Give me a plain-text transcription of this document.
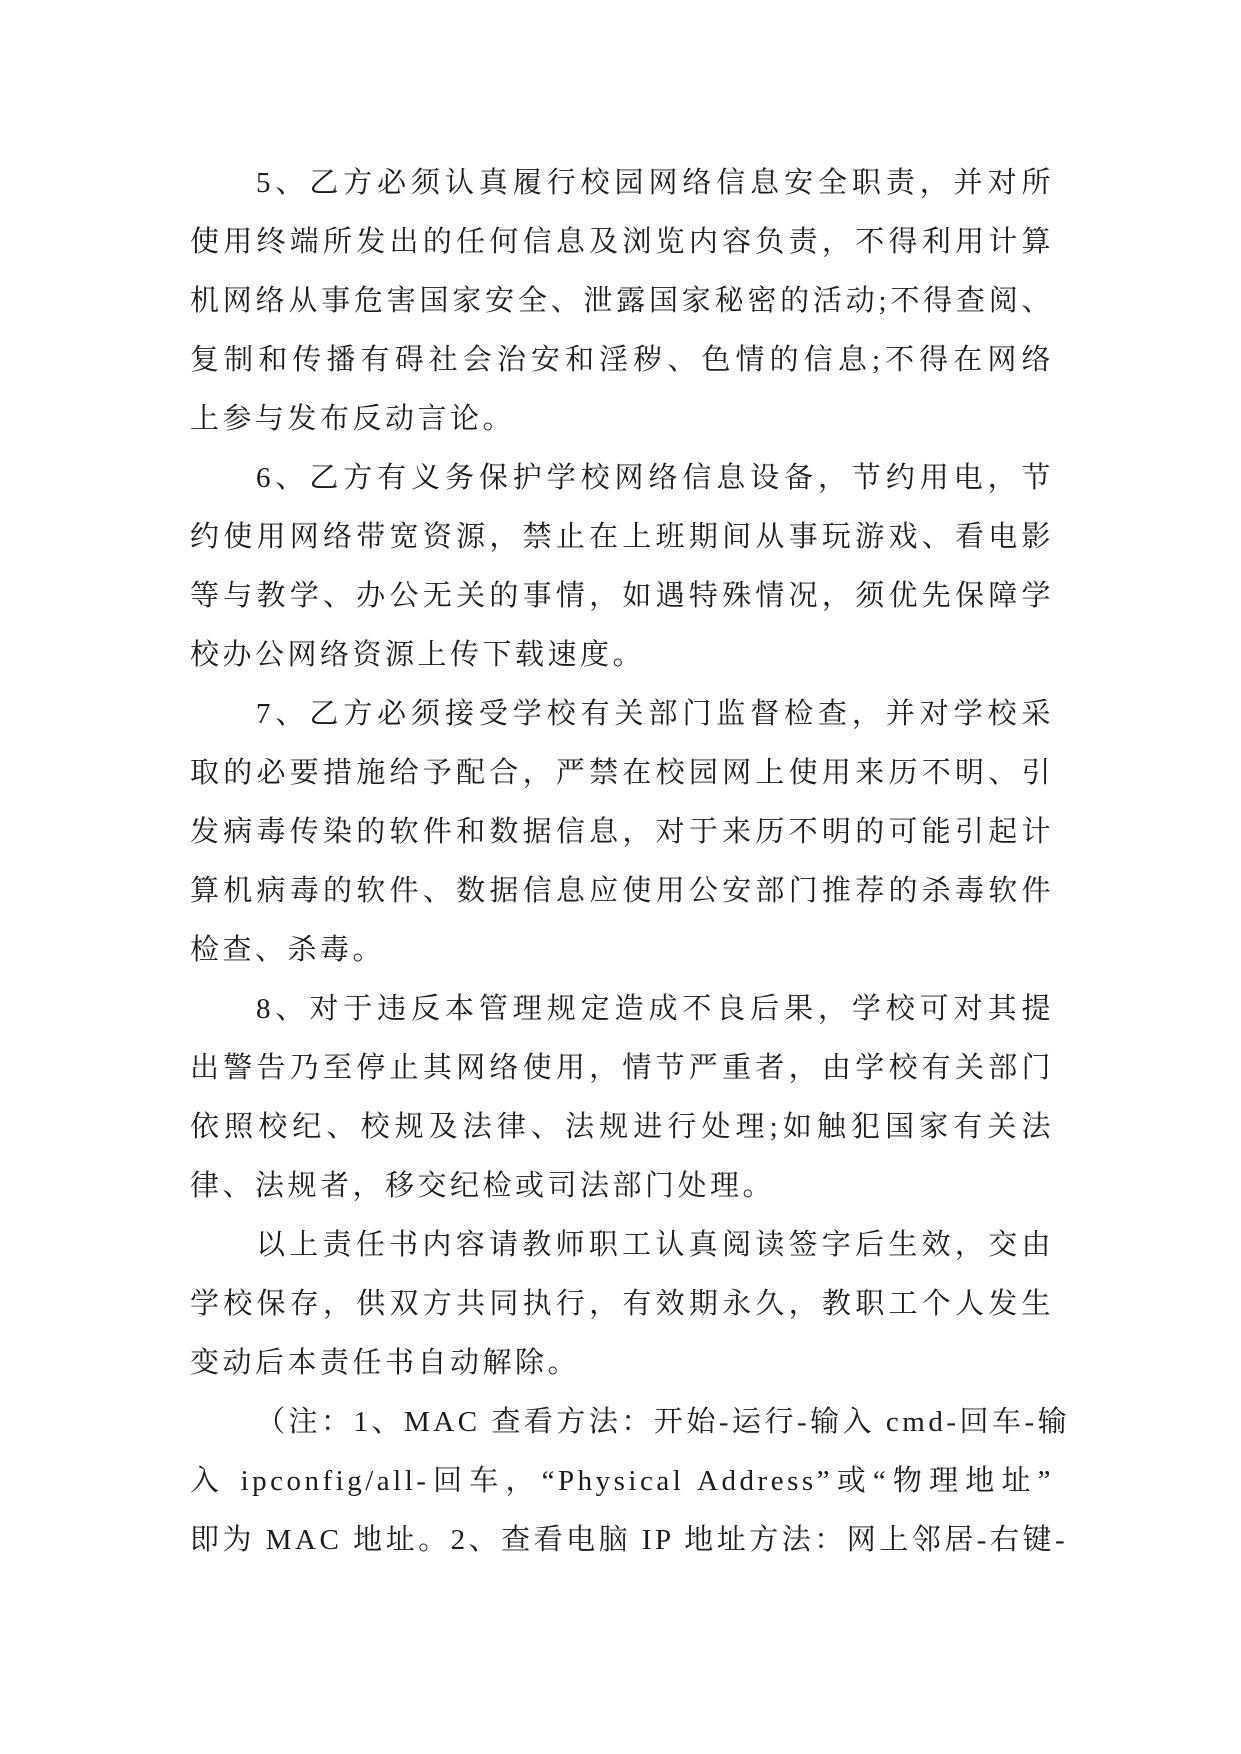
5、乙方必须认真履行校园网络信息安全职责，并对所
使用终端所发出的任何信息及浏览内容负责，不得利用计算
机网络从事危害国家安全、泄露国家秘密的活动;不得查阅、
复制和传播有碍社会治安和淫秽、色情的信息;不得在网络
上参与发布反动言论。
6、乙方有义务保护学校网络信息设备，节约用电，节
约使用网络带宽资源，禁止在上班期间从事玩游戏、看电影
等与教学、办公无关的事情，如遇特殊情况，须优先保障学
校办公网络资源上传下载速度。
7、乙方必须接受学校有关部门监督检查，并对学校采
取的必要措施给予配合，严禁在校园网上使用来历不明、引
发病毒传染的软件和数据信息，对于来历不明的可能引起计
算机病毒的软件、数据信息应使用公安部门推荐的杀毒软件
检查、杀毒。
8、对于违反本管理规定造成不良后果，学校可对其提
出警告乃至停止其网络使用，情节严重者，由学校有关部门
依照校纪、校规及法律、法规进行处理;如触犯国家有关法
律、法规者，移交纪检或司法部门处理。
以上责任书内容请教师职工认真阅读签字后生效，交由
学校保存，供双方共同执行，有效期永久，教职工个人发生
变动后本责任书自动解除。
（注：1、MAC 查看方法：开始-运行-输入 cmd-回车-输
入 ipconfig/all-回车，“Physical Address”或“物理地址”
即为 MAC 地址。2、查看电脑 IP 地址方法：网上邻居-右键-
